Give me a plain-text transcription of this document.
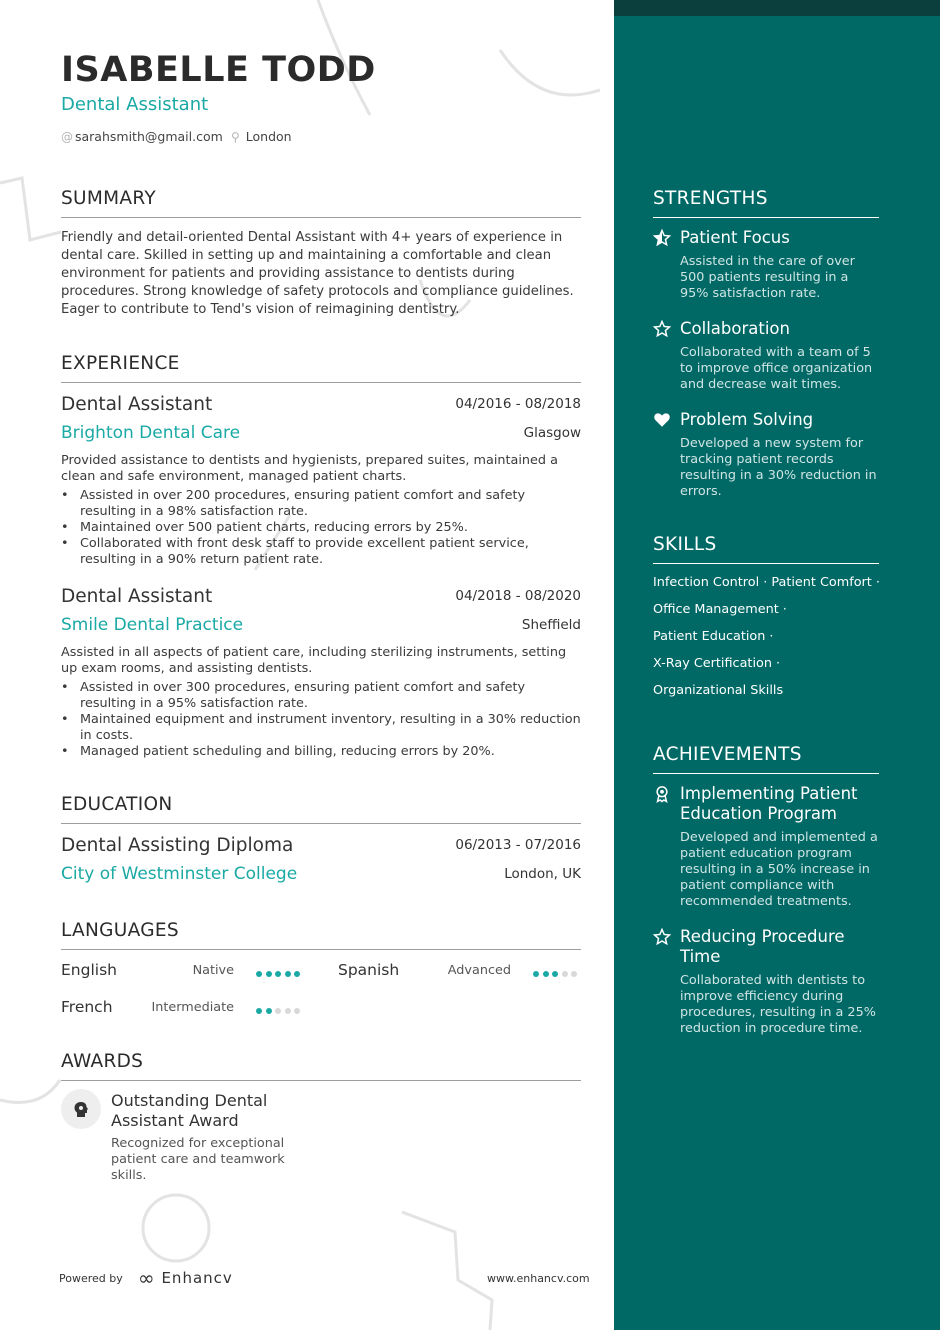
ISABELLE TODD
Dental Assistant
@ sarahsmith@gmail.com ⚲ London
SUMMARY
Friendly and detail-oriented Dental Assistant with 4+ years of experience in dental care. Skilled in setting up and maintaining a comfortable and clean environment for patients and providing assistance to dentists during procedures. Strong knowledge of safety protocols and compliance guidelines. Eager to contribute to Tend's vision of reimagining dentistry.
EXPERIENCE
Dental Assistant	04/2016 - 08/2018
Brighton Dental Care	Glasgow
Provided assistance to dentists and hygienists, prepared suites, maintained a clean and safe environment, managed patient charts.
• Assisted in over 200 procedures, ensuring patient comfort and safety resulting in a 98% satisfaction rate.
• Maintained over 500 patient charts, reducing errors by 25%.
• Collaborated with front desk staff to provide excellent patient service, resulting in a 90% return patient rate.
Dental Assistant	04/2018 - 08/2020
Smile Dental Practice	Sheffield
Assisted in all aspects of patient care, including sterilizing instruments, setting up exam rooms, and assisting dentists.
• Assisted in over 300 procedures, ensuring patient comfort and safety resulting in a 95% satisfaction rate.
• Maintained equipment and instrument inventory, resulting in a 30% reduction in costs.
• Managed patient scheduling and billing, reducing errors by 20%.
EDUCATION
Dental Assisting Diploma	06/2013 - 07/2016
City of Westminster College	London, UK
LANGUAGES
English	Native	Spanish	Advanced
French	Intermediate
AWARDS
Outstanding Dental Assistant Award
Recognized for exceptional patient care and teamwork skills.
Powered by ∞ Enhancv	www.enhancv.com
STRENGTHS
Patient Focus
Assisted in the care of over 500 patients resulting in a 95% satisfaction rate.
Collaboration
Collaborated with a team of 5 to improve office organization and decrease wait times.
Problem Solving
Developed a new system for tracking patient records resulting in a 30% reduction in errors.
SKILLS
Infection Control · Patient Comfort ·
Office Management ·
Patient Education ·
X-Ray Certification ·
Organizational Skills
ACHIEVEMENTS
Implementing Patient Education Program
Developed and implemented a patient education program resulting in a 50% increase in patient compliance with recommended treatments.
Reducing Procedure Time
Collaborated with dentists to improve efficiency during procedures, resulting in a 25% reduction in procedure time.
